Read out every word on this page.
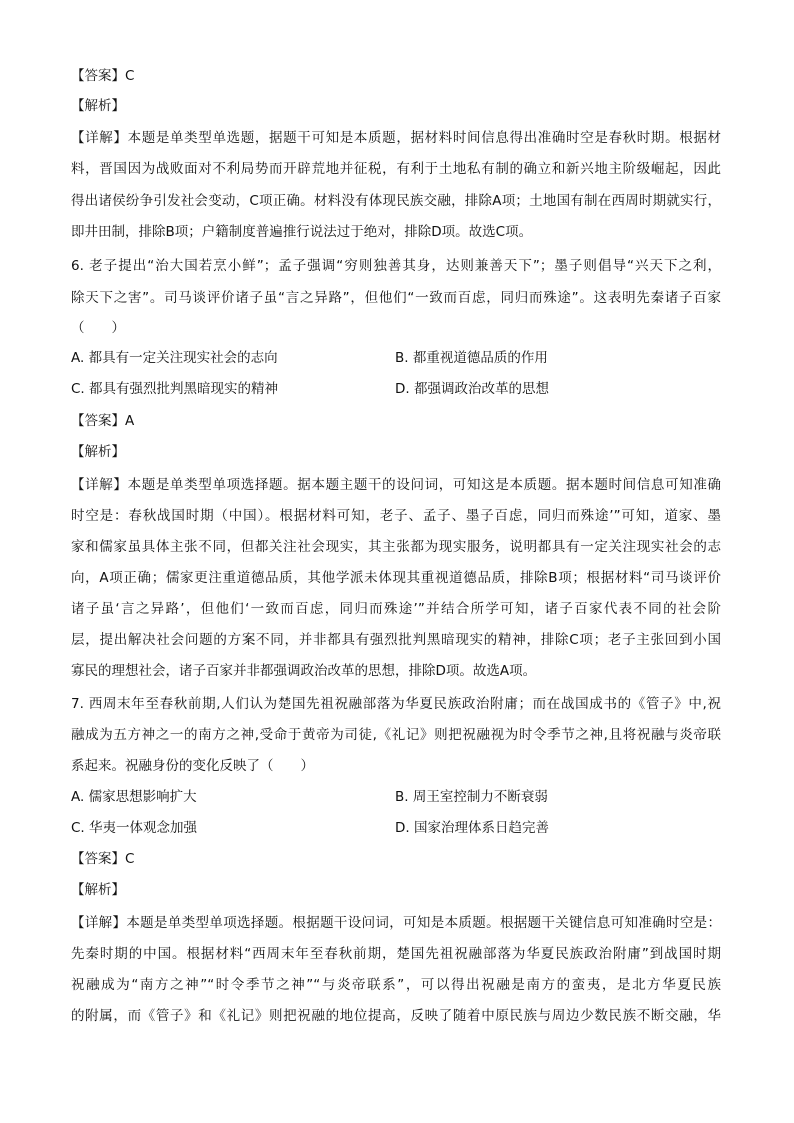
【答案】C
【解析】
【详解】本题是单类型单选题，据题干可知是本质题，据材料时间信息得出准确时空是春秋时期。根据材
料，晋国因为战败面对不利局势而开辟荒地并征税，有利于土地私有制的确立和新兴地主阶级崛起，因此
得出诸侯纷争引发社会变动，C项正确。材料没有体现民族交融，排除A项；土地国有制在西周时期就实行，
即井田制，排除B项；户籍制度普遍推行说法过于绝对，排除D项。故选C项。
6. 老子提出“治大国若烹小鲜”；孟子强调“穷则独善其身，达则兼善天下”；墨子则倡导“兴天下之利，
除天下之害”。司马谈评价诸子虽“言之异路”，但他们“一致而百虑，同归而殊途”。这表明先秦诸子百家
（　　）
A. 都具有一定关注现实社会的志向	B. 都重视道德品质的作用
C. 都具有强烈批判黑暗现实的精神	D. 都强调政治改革的思想
【答案】A
【解析】
【详解】本题是单类型单项选择题。据本题主题干的设问词，可知这是本质题。据本题时间信息可知准确
时空是：春秋战国时期（中国）。根据材料可知，老子、孟子、墨子百虑，同归而殊途’”可知，道家、墨
家和儒家虽具体主张不同，但都关注社会现实，其主张都为现实服务，说明都具有一定关注现实社会的志
向，A项正确；儒家更注重道德品质，其他学派未体现其重视道德品质，排除B项；根据材料“司马谈评价
诸子虽‘言之异路’，但他们‘一致而百虑，同归而殊途’”并结合所学可知，诸子百家代表不同的社会阶
层，提出解决社会问题的方案不同，并非都具有强烈批判黑暗现实的精神，排除C项；老子主张回到小国
寡民的理想社会，诸子百家并非都强调政治改革的思想，排除D项。故选A项。
7. 西周末年至春秋前期,人们认为楚国先祖祝融部落为华夏民族政治附庸；而在战国成书的《管子》中,祝
融成为五方神之一的南方之神,受命于黄帝为司徒,《礼记》则把祝融视为时令季节之神,且将祝融与炎帝联
系起来。祝融身份的变化反映了（　　）
A. 儒家思想影响扩大	B. 周王室控制力不断衰弱
C. 华夷一体观念加强	D. 国家治理体系日趋完善
【答案】C
【解析】
【详解】本题是单类型单项选择题。根据题干设问词，可知是本质题。根据题干关键信息可知准确时空是：
先秦时期的中国。根据材料“西周末年至春秋前期，楚国先祖祝融部落为华夏民族政治附庸”到战国时期
祝融成为“南方之神”“时令季节之神”“与炎帝联系”，可以得出祝融是南方的蛮夷，是北方华夏民族
的附属，而《管子》和《礼记》则把祝融的地位提高，反映了随着中原民族与周边少数民族不断交融，华
